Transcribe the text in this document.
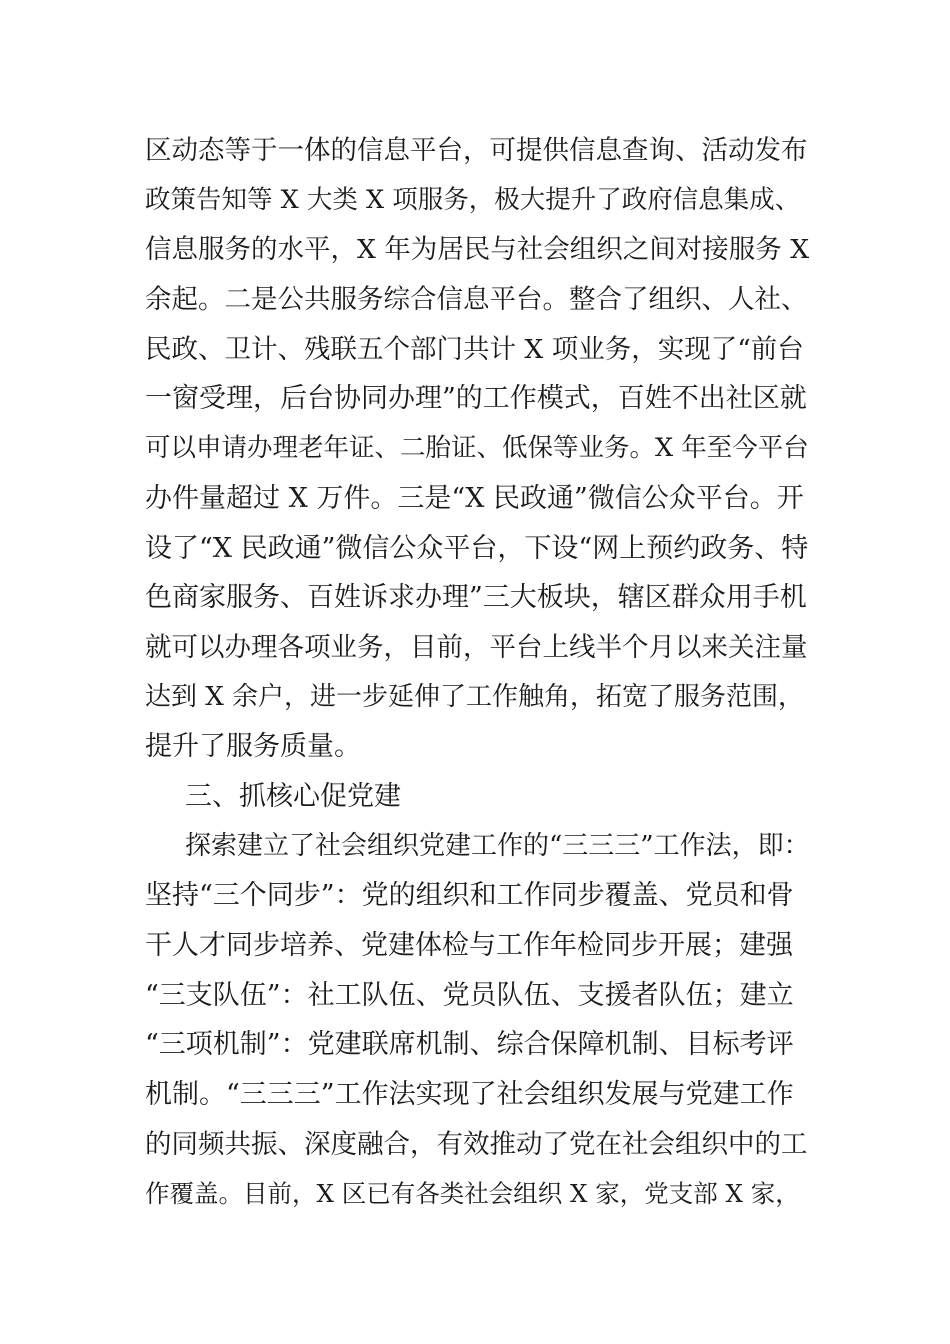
区动态等于一体的信息平台，可提供信息查询、活动发布
政策告知等 X 大类 X 项服务，极大提升了政府信息集成、
信息服务的水平，X 年为居民与社会组织之间对接服务 X
余起。二是公共服务综合信息平台。整合了组织、人社、
民政、卫计、残联五个部门共计 X 项业务，实现了“前台
一窗受理，后台协同办理”的工作模式，百姓不出社区就
可以申请办理老年证、二胎证、低保等业务。X 年至今平台
办件量超过 X 万件。三是“X 民政通”微信公众平台。开
设了“X 民政通”微信公众平台，下设“网上预约政务、特
色商家服务、百姓诉求办理”三大板块，辖区群众用手机
就可以办理各项业务，目前，平台上线半个月以来关注量
达到 X 余户，进一步延伸了工作触角，拓宽了服务范围，
提升了服务质量。
三、抓核心促党建
探索建立了社会组织党建工作的“三三三”工作法，即：
坚持“三个同步”：党的组织和工作同步覆盖、党员和骨
干人才同步培养、党建体检与工作年检同步开展；建强
“三支队伍”：社工队伍、党员队伍、支援者队伍；建立
“三项机制”：党建联席机制、综合保障机制、目标考评
机制。“三三三”工作法实现了社会组织发展与党建工作
的同频共振、深度融合，有效推动了党在社会组织中的工
作覆盖。目前，X 区已有各类社会组织 X 家，党支部 X 家，
